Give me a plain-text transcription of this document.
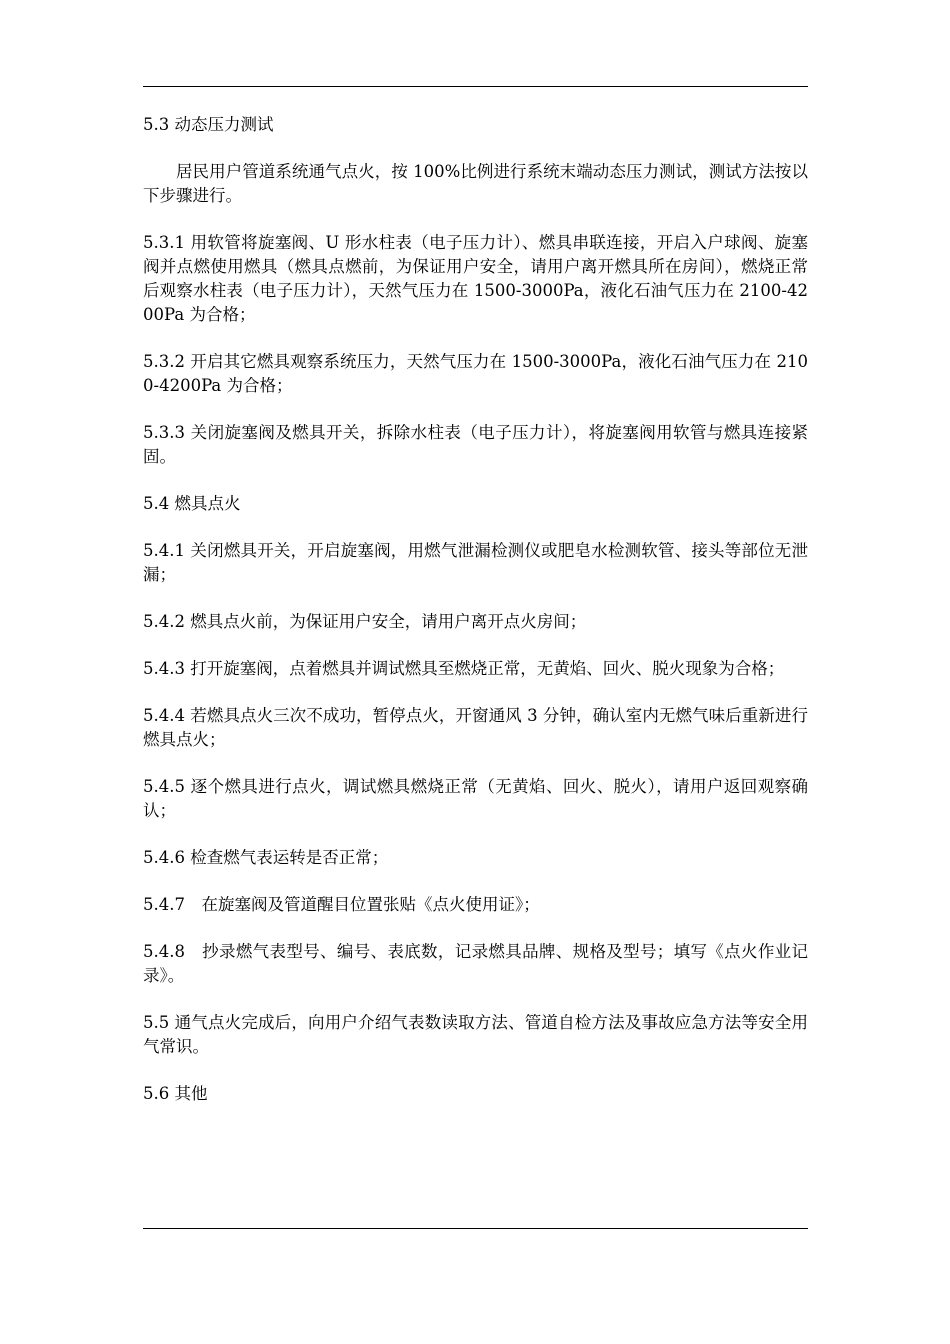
5.3 动态压力测试

居民用户管道系统通气点火，按 100%比例进行系统末端动态压力测试，测试方法按以下步骤进行。

5.3.1 用软管将旋塞阀、U 形水柱表（电子压力计）、燃具串联连接，开启入户球阀、旋塞阀并点燃使用燃具（燃具点燃前，为保证用户安全，请用户离开燃具所在房间），燃烧正常后观察水柱表（电子压力计），天然气压力在 1500-3000Pa，液化石油气压力在 2100-4200Pa 为合格；

5.3.2 开启其它燃具观察系统压力，天然气压力在 1500-3000Pa，液化石油气压力在 2100-4200Pa 为合格；

5.3.3 关闭旋塞阀及燃具开关，拆除水柱表（电子压力计），将旋塞阀用软管与燃具连接紧固。

5.4 燃具点火

5.4.1 关闭燃具开关，开启旋塞阀，用燃气泄漏检测仪或肥皂水检测软管、接头等部位无泄漏；

5.4.2 燃具点火前，为保证用户安全，请用户离开点火房间；

5.4.3 打开旋塞阀，点着燃具并调试燃具至燃烧正常，无黄焰、回火、脱火现象为合格；

5.4.4 若燃具点火三次不成功，暂停点火，开窗通风 3 分钟，确认室内无燃气味后重新进行燃具点火；

5.4.5 逐个燃具进行点火，调试燃具燃烧正常（无黄焰、回火、脱火），请用户返回观察确认；

5.4.6 检查燃气表运转是否正常；

5.4.7　在旋塞阀及管道醒目位置张贴《点火使用证》；

5.4.8　抄录燃气表型号、编号、表底数，记录燃具品牌、规格及型号；填写《点火作业记录》。

5.5 通气点火完成后，向用户介绍气表数读取方法、管道自检方法及事故应急方法等安全用气常识。

5.6 其他
